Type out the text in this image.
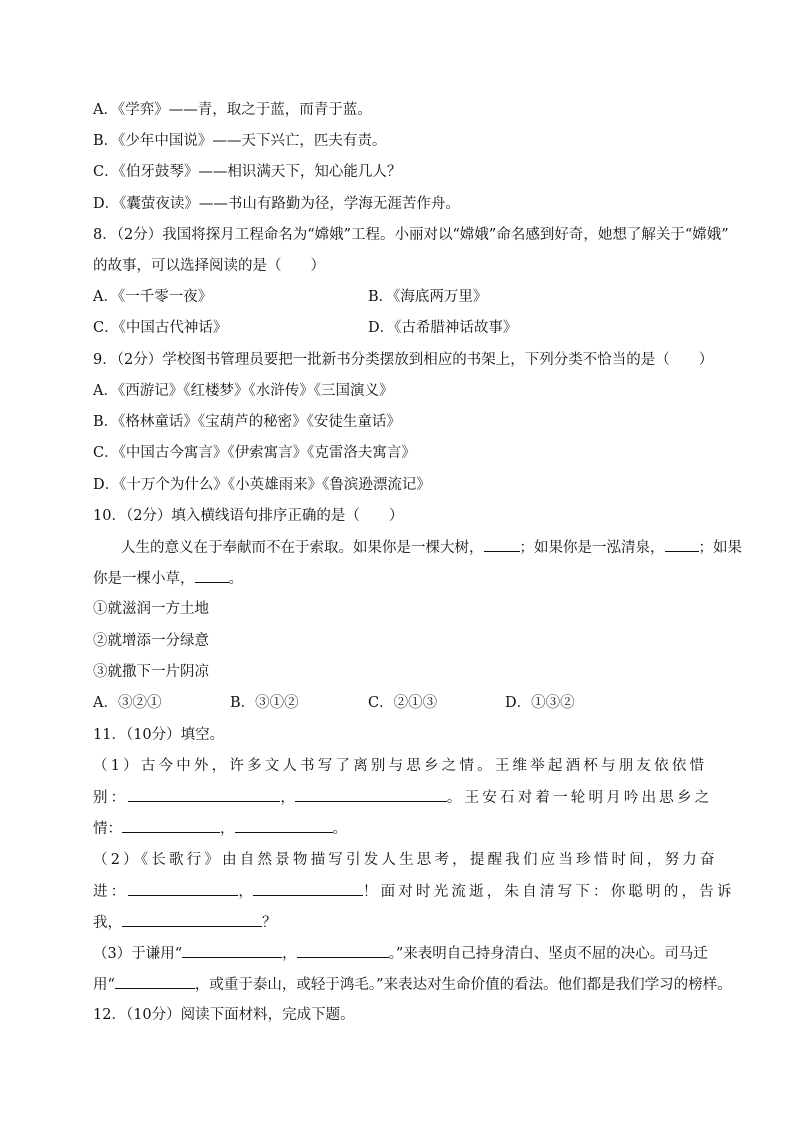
A．《学弈》——青，取之于蓝，而青于蓝。
B．《少年中国说》——天下兴亡，匹夫有责。
C．《伯牙鼓琴》——相识满天下，知心能几人？
D．《囊萤夜读》——书山有路勤为径，学海无涯苦作舟。
8．（2分）我国将探月工程命名为“嫦娥”工程。小丽对以“嫦娥”命名感到好奇，她想了解关于“嫦娥”
的故事，可以选择阅读的是（　　）
A．《一千零一夜》	B．《海底两万里》
C．《中国古代神话》	D．《古希腊神话故事》
9．（2分）学校图书管理员要把一批新书分类摆放到相应的书架上，下列分类不恰当的是（　　）
A．《西游记》《红楼梦》《水浒传》《三国演义》
B．《格林童话》《宝葫芦的秘密》《安徒生童话》
C．《中国古今寓言》《伊索寓言》《克雷洛夫寓言》
D．《十万个为什么》《小英雄雨来》《鲁滨逊漂流记》
10．（2分）填入横线语句排序正确的是（　　）
人生的意义在于奉献而不在于索取。如果你是一棵大树， ；如果你是一泓清泉， ；如果
你是一棵小草， 。
①就滋润一方土地
②就增添一分绿意
③就撒下一片阴凉
A．③②①	B．③①②	C．②①③	D．①③②
11．（10分）填空。
（1）古今中外，许多文人书写了离别与思乡之情。王维举起酒杯与朋友依依惜
别：	，	。王安石对着一轮明月吟出思乡之
情：	，	。
（2）《长歌行》由自然景物描写引发人生思考，提醒我们应当珍惜时间，努力奋
进：	，	！面对时光流逝，朱自清写下：你聪明的，告诉
我，	？
（3）于谦用“	，	。”来表明自己持身清白、坚贞不屈的决心。司马迁
用“	，或重于泰山，或轻于鸿毛。”来表达对生命价值的看法。他们都是我们学习的榜样。
12．（10分）阅读下面材料，完成下题。
